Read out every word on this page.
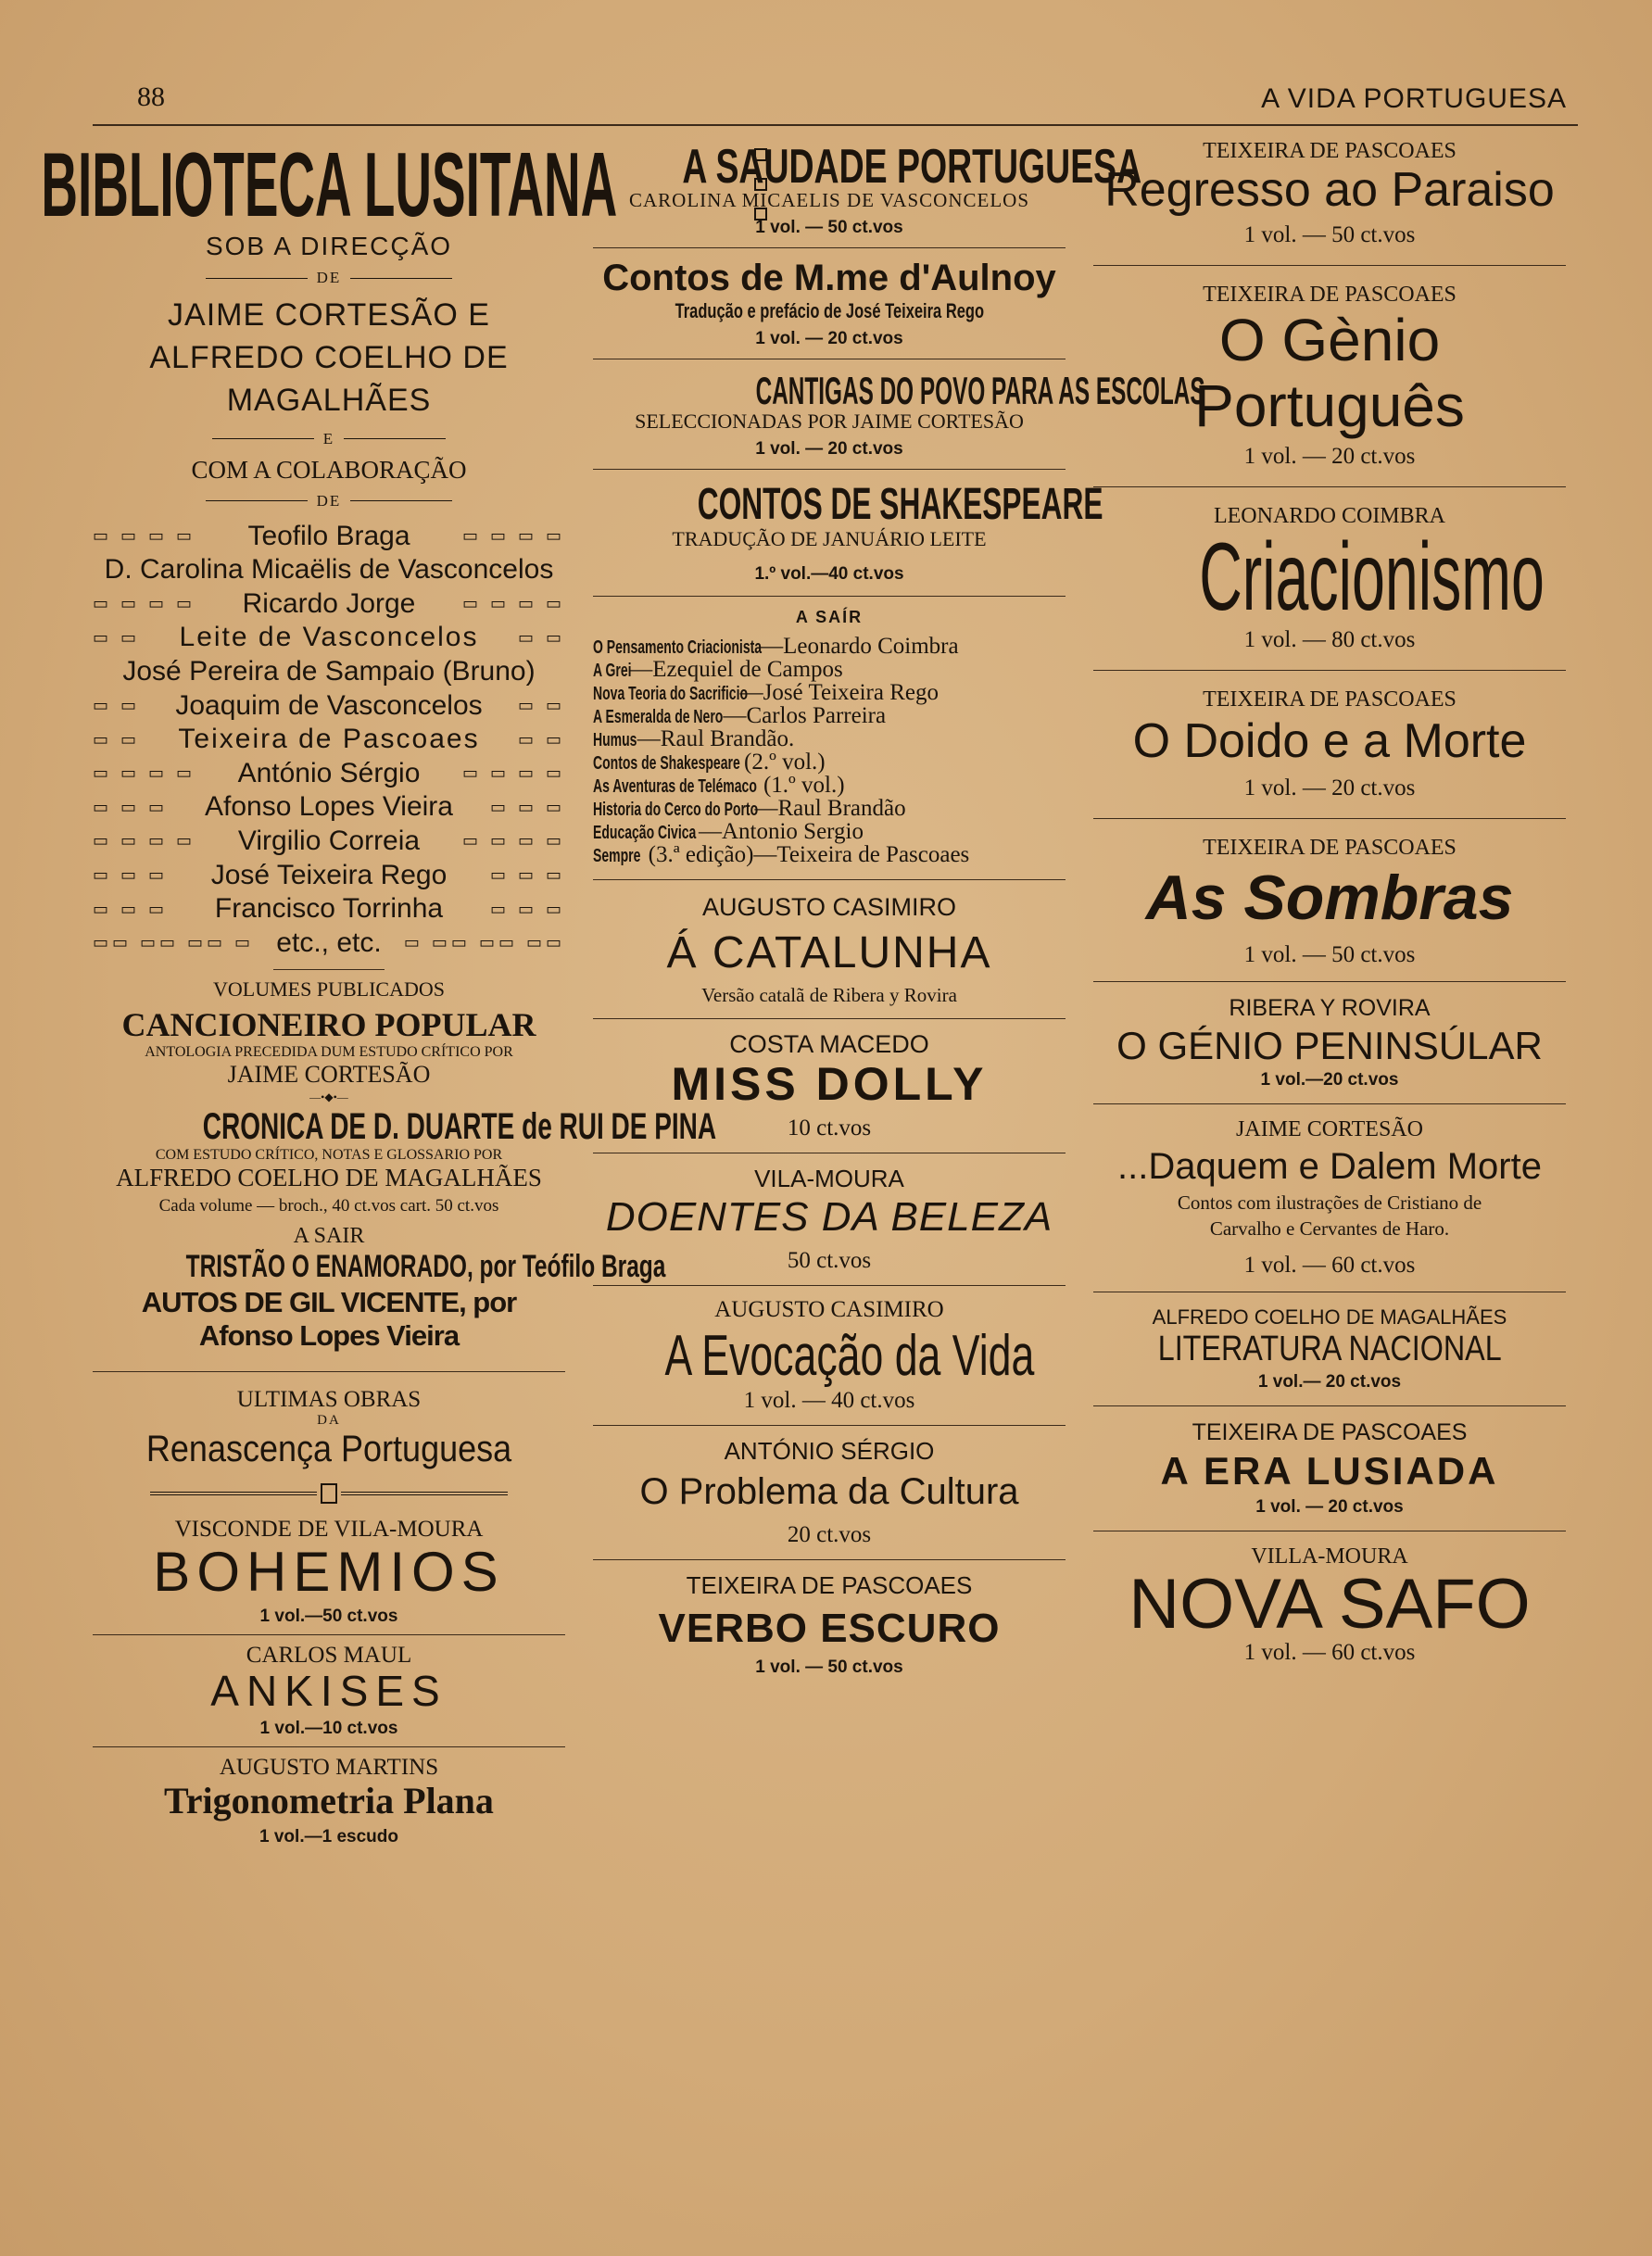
88	A VIDA PORTUGUESA
BIBLIOTECA LUSITANA
SOB A DIRECÇÃO
DE
JAIME CORTESÃO E ALFREDO COELHO DE MAGALHÃES
E
COM A COLABORAÇÃO
DE
▭ ▭ ▭ ▭ Teofilo Braga	▭ ▭ ▭ ▭
D. Carolina Micaëlis de Vasconcelos
▭ ▭ ▭ ▭ Ricardo Jorge	▭ ▭ ▭ ▭
▭ ▭ Leite de Vasconcelos ▭ ▭
José Pereira de Sampaio (Bruno)
▭ ▭ Joaquim de Vasconcelos ▭ ▭
▭ ▭ Teixeira de Pascoaes ▭ ▭
▭ ▭ ▭ ▭ António Sérgio	▭ ▭ ▭ ▭
▭ ▭ ▭ Afonso Lopes Vieira ▭ ▭ ▭
▭ ▭ ▭ ▭ Virgilio Correia	▭ ▭ ▭ ▭
▭ ▭ ▭ José Teixeira Rego	▭ ▭ ▭
▭ ▭ ▭ Francisco Torrinha	▭ ▭ ▭
▭▭ ▭▭ ▭▭ ▭ etc., etc. ▭ ▭▭ ▭▭ ▭▭
VOLUMES PUBLICADOS
CANCIONEIRO POPULAR
ANTOLOGIA PRECEDIDA DUM ESTUDO CRÍTICO POR
JAIME CORTESÃO
—•◆•—
CRONICA DE D. DUARTE de RUI DE PINA
COM ESTUDO CRÍTICO, NOTAS E GLOSSARIO POR
ALFREDO COELHO DE MAGALHÃES
Cada volume — broch., 40 ct.vos cart. 50 ct.vos
A SAIR
TRISTÃO O ENAMORADO, por Teófilo Braga
AUTOS DE GIL VICENTE, por Afonso Lopes Vieira
ULTIMAS OBRAS
DA
Renascença Portuguesa
VISCONDE DE VILA-MOURA
BOHEMIOS
1 vol.—50 ct.vos
CARLOS MAUL
ANKISES
1 vol.—10 ct.vos
AUGUSTO MARTINS
Trigonometria Plana
1 vol.—1 escudo
A SAUDADE PORTUGUESA
CAROLINA MICAELIS DE VASCONCELOS
1 vol. — 50 ct.vos
Contos de M.me d'Aulnoy
Tradução e prefácio de José Teixeira Rego
1 vol. — 20 ct.vos
CANTIGAS DO POVO PARA AS ESCOLAS
SELECCIONADAS POR JAIME CORTESÃO
1 vol. — 20 ct.vos
CONTOS DE SHAKESPEARE
TRADUÇÃO DE JANUÁRIO LEITE
1.º vol.—40 ct.vos
A SAÍR
O Pensamento Criacionista—Leonardo Coimbra
A Grei—Ezequiel de Campos
Nova Teoria do Sacrificio—José Teixeira Rego
A Esmeralda de Nero—Carlos Parreira
Humus—Raul Brandão.
Contos de Shakespeare (2.º vol.)
As Aventuras de Telémaco (1.º vol.)
Historia do Cerco do Porto—Raul Brandão
Educação Civica —Antonio Sergio
Sempre (3.ª edição)—Teixeira de Pascoaes
AUGUSTO CASIMIRO
Á CATALUNHA
Versão catalã de Ribera y Rovira
COSTA MACEDO
MISS DOLLY
10 ct.vos
VILA-MOURA
DOENTES DA BELEZA
50 ct.vos
AUGUSTO CASIMIRO
A Evocação da Vida
1 vol. — 40 ct.vos
ANTÓNIO SÉRGIO
O Problema da Cultura
20 ct.vos
TEIXEIRA DE PASCOAES
VERBO ESCURO
1 vol. — 50 ct.vos
TEIXEIRA DE PASCOAES
Regresso ao Paraiso
1 vol. — 50 ct.vos
TEIXEIRA DE PASCOAES
O Gènio Português
1 vol. — 20 ct.vos
LEONARDO COIMBRA
Criacionismo
1 vol. — 80 ct.vos
TEIXEIRA DE PASCOAES
O Doido e a Morte
1 vol. — 20 ct.vos
TEIXEIRA DE PASCOAES
As Sombras
1 vol. — 50 ct.vos
RIBERA Y ROVIRA
O GÉNIO PENINSÚLAR
1 vol.—20 ct.vos
JAIME CORTESÃO
...Daquem e Dalem Morte
Contos com ilustrações de Cristiano de Carvalho e Cervantes de Haro.
1 vol. — 60 ct.vos
ALFREDO COELHO DE MAGALHÃES
LITERATURA NACIONAL
1 vol.— 20 ct.vos
TEIXEIRA DE PASCOAES
A ERA LUSIADA
1 vol. — 20 ct.vos
VILLA-MOURA
NOVA SAFO
1 vol. — 60 ct.vos
